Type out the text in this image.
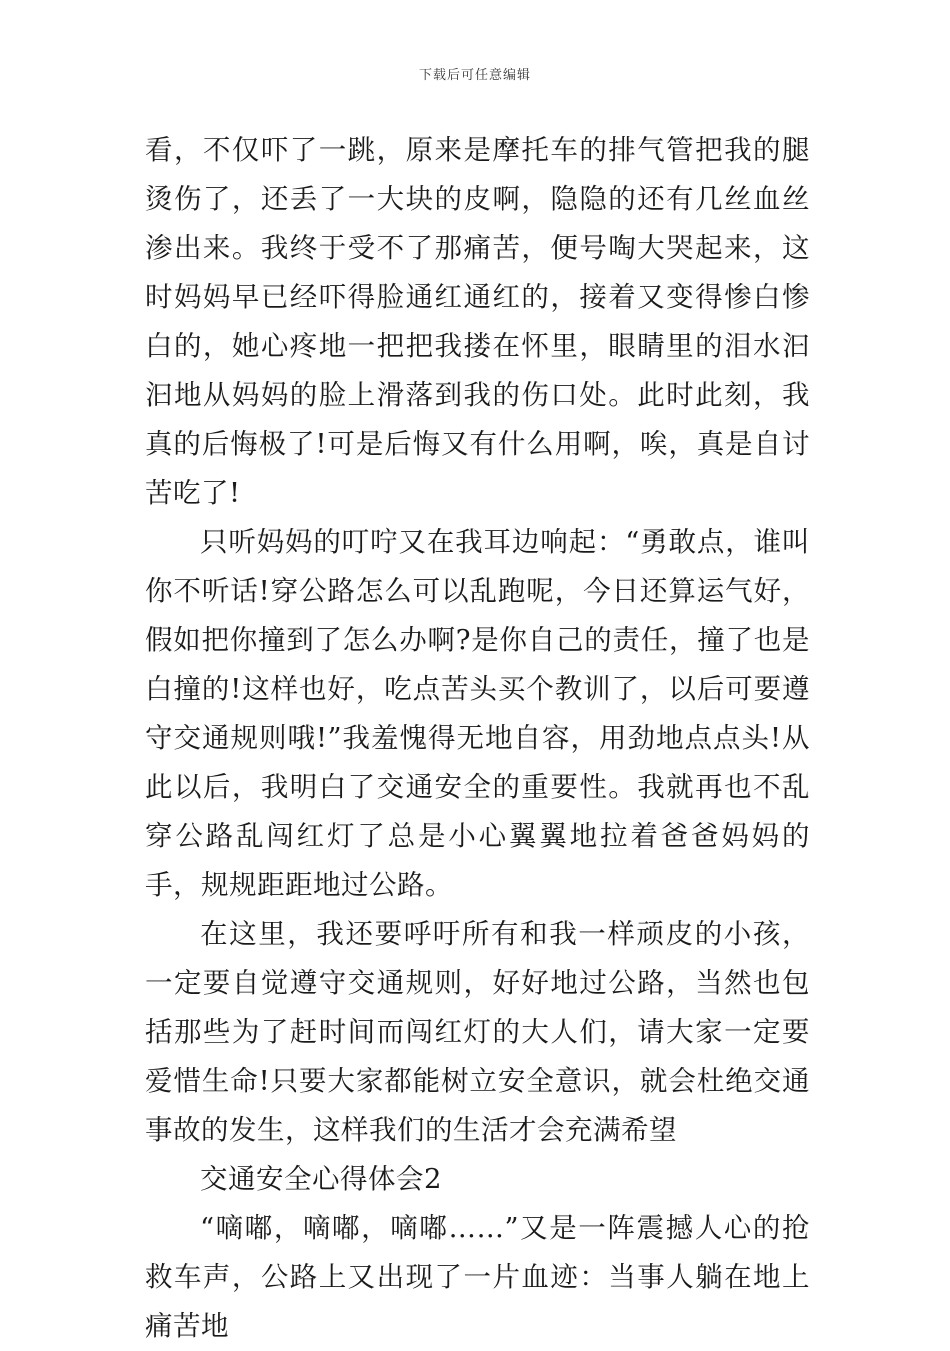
下载后可任意编辑

看，不仅吓了一跳，原来是摩托车的排气管把我的腿烫伤了，还丢了一大块的皮啊，隐隐的还有几丝血丝渗出来。我终于受不了那痛苦，便号啕大哭起来，这时妈妈早已经吓得脸通红通红的，接着又变得惨白惨白的，她心疼地一把把我搂在怀里，眼睛里的泪水汩汩地从妈妈的脸上滑落到我的伤口处。此时此刻，我真的后悔极了!可是后悔又有什么用啊，唉，真是自讨苦吃了!

只听妈妈的叮咛又在我耳边响起：“勇敢点，谁叫你不听话!穿公路怎么可以乱跑呢，今日还算运气好，假如把你撞到了怎么办啊?是你自己的责任，撞了也是白撞的!这样也好，吃点苦头买个教训了，以后可要遵守交通规则哦!”我羞愧得无地自容，用劲地点点头!从此以后，我明白了交通安全的重要性。我就再也不乱穿公路乱闯红灯了总是小心翼翼地拉着爸爸妈妈的手，规规距距地过公路。

在这里，我还要呼吁所有和我一样顽皮的小孩，一定要自觉遵守交通规则，好好地过公路，当然也包括那些为了赶时间而闯红灯的大人们，请大家一定要爱惜生命!只要大家都能树立安全意识，就会杜绝交通事故的发生，这样我们的生活才会充满希望

交通安全心得体会2

“嘀嘟，嘀嘟，嘀嘟……”又是一阵震撼人心的抢救车声，公路上又出现了一片血迹：当事人躺在地上痛苦地
